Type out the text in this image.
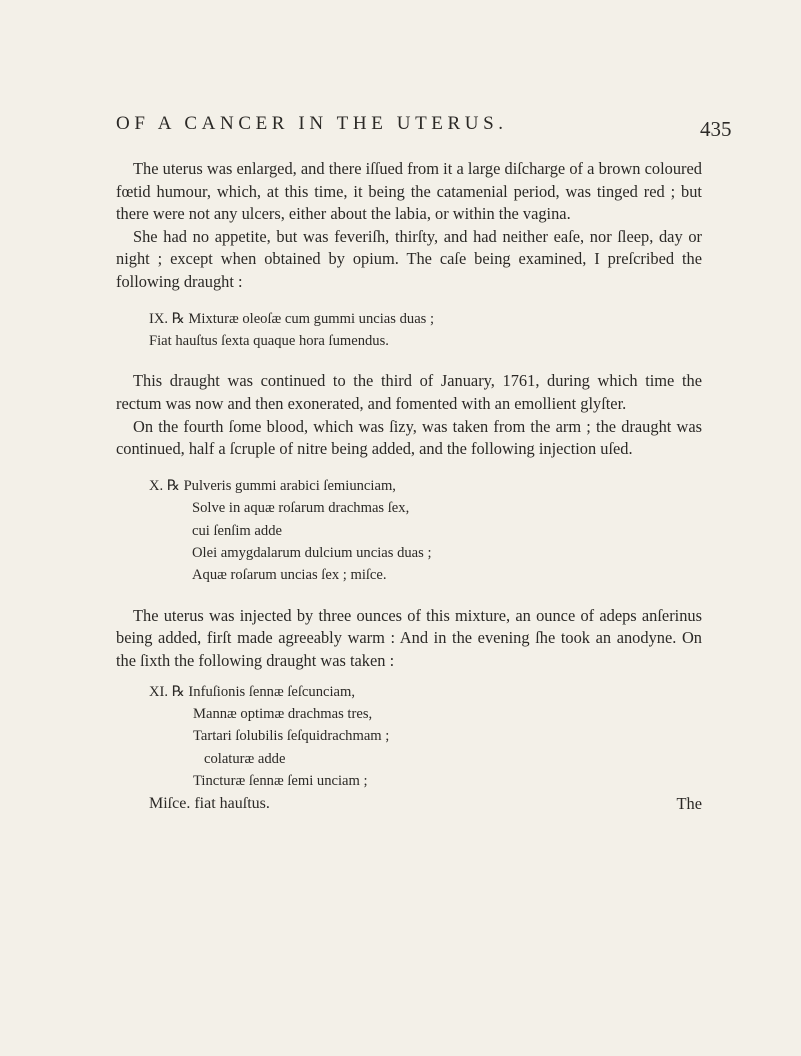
OF A CANCER IN THE UTERUS.	435

The uterus was enlarged, and there iſſued from it a large diſcharge of a brown coloured fœtid humour, which, at this time, it being the catamenial period, was tinged red ; but there were not any ulcers, either about the labia, or within the vagina.

She had no appetite, but was feveriſh, thirſty, and had neither eaſe, nor ſleep, day or night ; except when obtained by opium. The caſe being examined, I preſcribed the following draught :

IX. ℞ Mixturæ oleoſæ cum gummi uncias duas ;
Fiat hauſtus ſexta quaque hora ſumendus.

This draught was continued to the third of January, 1761, during which time the rectum was now and then exonerated, and fomented with an emollient glyſter.

On the fourth ſome blood, which was ſizy, was taken from the arm ; the draught was continued, half a ſcruple of nitre being added, and the following injection uſed.

X. ℞ Pulveris gummi arabici ſemiunciam,
Solve in aquæ roſarum drachmas ſex,
cui ſenſim adde
Olei amygdalarum dulcium uncias duas ;
Aquæ roſarum uncias ſex ; miſce.

The uterus was injected by three ounces of this mixture, an ounce of adeps anſerinus being added, firſt made agreeably warm : And in the evening ſhe took an anodyne. On the ſixth the following draught was taken :

XI. ℞ Infuſionis ſennæ ſeſcunciam,
Mannæ optimæ drachmas tres,
Tartari ſolubilis ſeſquidrachmam ;
colaturæ adde
Tincturæ ſennæ ſemi unciam ;
Miſce. fiat hauſtus.	The
